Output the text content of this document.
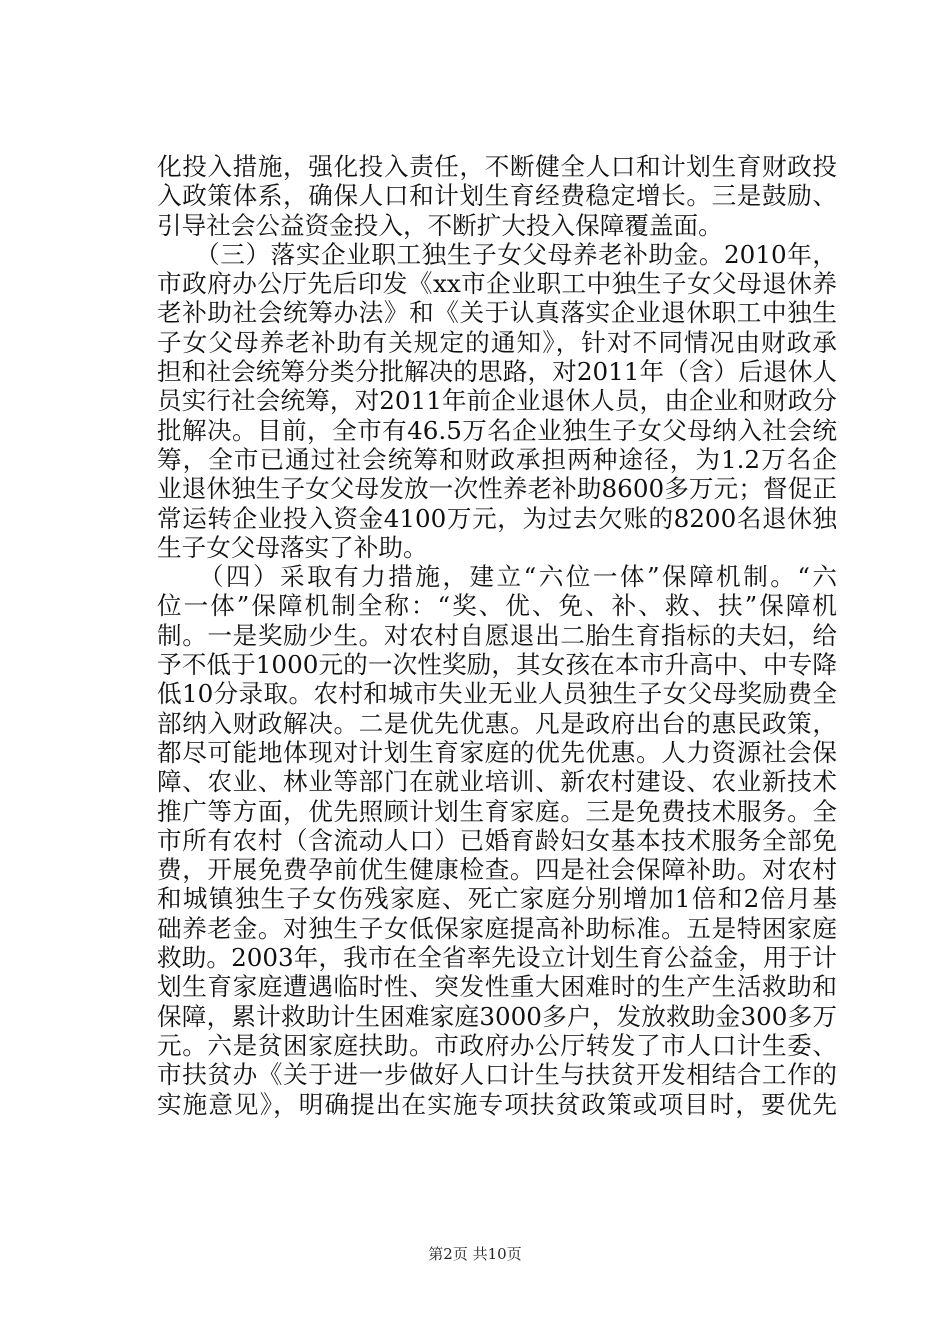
化投入措施，强化投入责任，不断健全人口和计划生育财政投
入政策体系，确保人口和计划生育经费稳定增长。三是鼓励、
引导社会公益资金投入，不断扩大投入保障覆盖面。
　　（三）落实企业职工独生子女父母养老补助金。2010年，
市政府办公厅先后印发《xx市企业职工中独生子女父母退休养
老补助社会统筹办法》和《关于认真落实企业退休职工中独生
子女父母养老补助有关规定的通知》，针对不同情况由财政承
担和社会统筹分类分批解决的思路，对2011年（含）后退休人
员实行社会统筹，对2011年前企业退休人员，由企业和财政分
批解决。目前，全市有46.5万名企业独生子女父母纳入社会统
筹，全市已通过社会统筹和财政承担两种途径，为1.2万名企
业退休独生子女父母发放一次性养老补助8600多万元；督促正
常运转企业投入资金4100万元，为过去欠账的8200名退休独
生子女父母落实了补助。
　　（四）采取有力措施，建立“六位一体”保障机制。“六
位一体”保障机制全称：“奖、优、免、补、救、扶”保障机
制。一是奖励少生。对农村自愿退出二胎生育指标的夫妇，给
予不低于1000元的一次性奖励，其女孩在本市升高中、中专降
低10分录取。农村和城市失业无业人员独生子女父母奖励费全
部纳入财政解决。二是优先优惠。凡是政府出台的惠民政策，
都尽可能地体现对计划生育家庭的优先优惠。人力资源社会保
障、农业、林业等部门在就业培训、新农村建设、农业新技术
推广等方面，优先照顾计划生育家庭。三是免费技术服务。全
市所有农村（含流动人口）已婚育龄妇女基本技术服务全部免
费，开展免费孕前优生健康检查。四是社会保障补助。对农村
和城镇独生子女伤残家庭、死亡家庭分别增加1倍和2倍月基
础养老金。对独生子女低保家庭提高补助标准。五是特困家庭
救助。2003年，我市在全省率先设立计划生育公益金，用于计
划生育家庭遭遇临时性、突发性重大困难时的生产生活救助和
保障，累计救助计生困难家庭3000多户，发放救助金300多万
元。六是贫困家庭扶助。市政府办公厅转发了市人口计生委、
市扶贫办《关于进一步做好人口计生与扶贫开发相结合工作的
实施意见》，明确提出在实施专项扶贫政策或项目时，要优先
第2页 共10页
